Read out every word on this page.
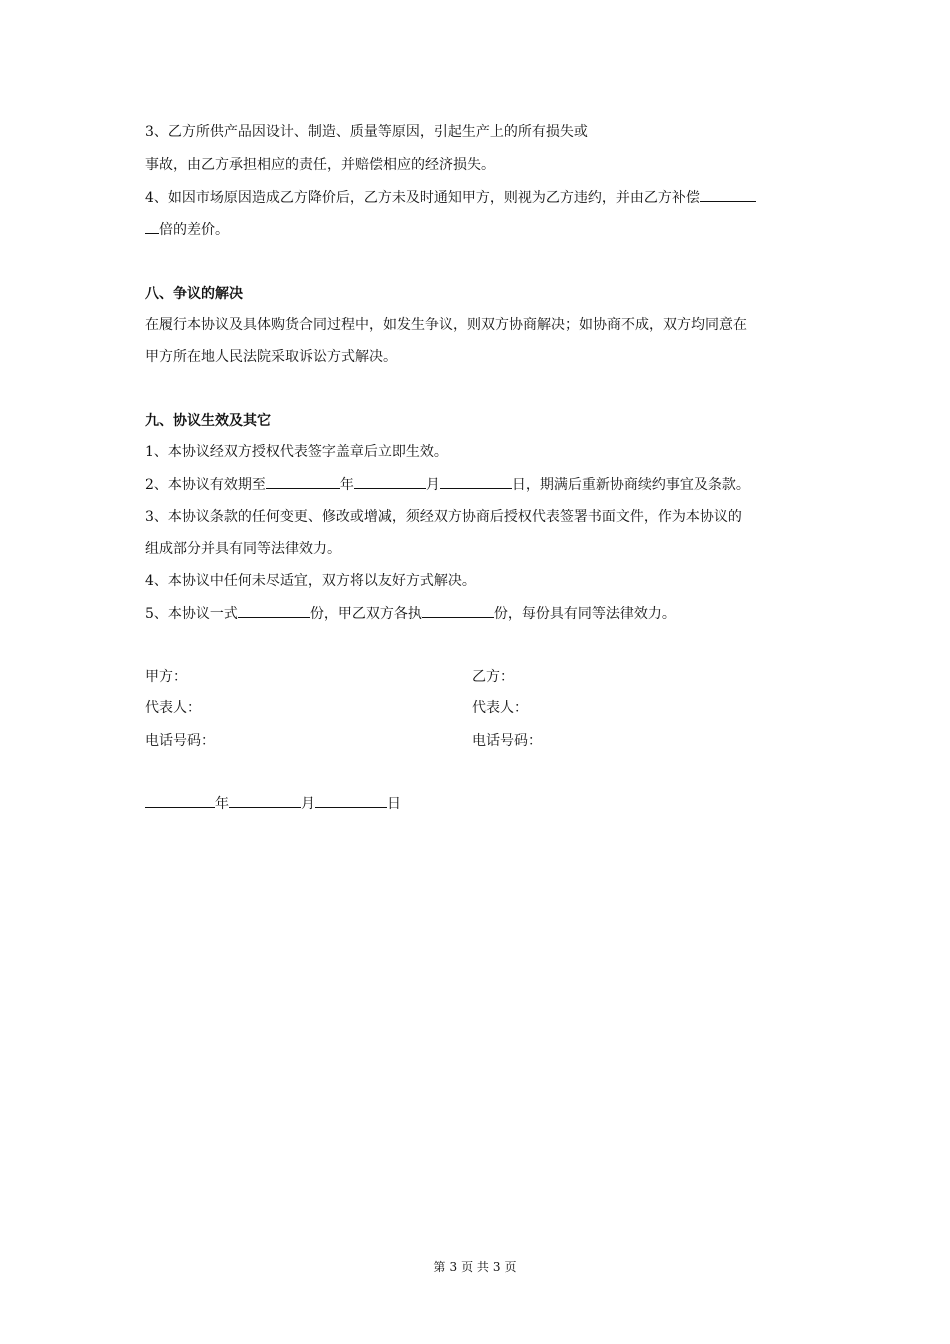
3、乙方所供产品因设计、制造、质量等原因，引起生产上的所有损失或
事故，由乙方承担相应的责任，并赔偿相应的经济损失。
4、如因市场原因造成乙方降价后，乙方未及时通知甲方，则视为乙方违约，并由乙方补偿
倍的差价。
八、争议的解决
在履行本协议及具体购货合同过程中，如发生争议，则双方协商解决；如协商不成，双方均同意在
甲方所在地人民法院采取诉讼方式解决。
九、协议生效及其它
1、本协议经双方授权代表签字盖章后立即生效。
2、本协议有效期至	年	月	日，期满后重新协商续约事宜及条款。
3、本协议条款的任何变更、修改或增减，须经双方协商后授权代表签署书面文件，作为本协议的
组成部分并具有同等法律效力。
4、本协议中任何未尽适宜，双方将以友好方式解决。
5、本协议一式	份，甲乙双方各执	份，每份具有同等法律效力。
甲方：	乙方：
代表人：	代表人：
电话号码：	电话号码：
年	月	日
第 3 页 共 3 页
